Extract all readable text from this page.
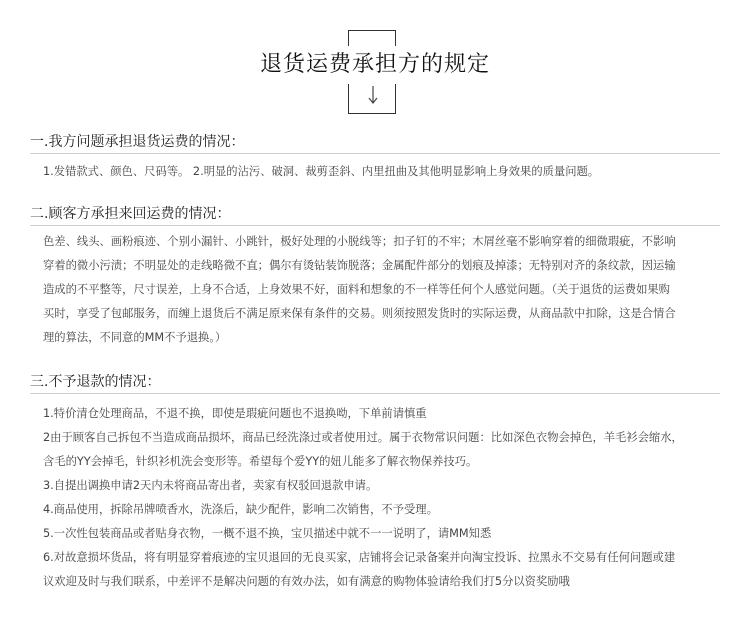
退货运费承担方的规定
一.我方问题承担退货运费的情况：
1.发错款式、颜色、尺码等。 2.明显的沾污、破洞、裁剪歪斜、内里扭曲及其他明显影响上身效果的质量问题。
二.顾客方承担来回运费的情况：
色差、线头、画粉痕迹、个别小漏针、小跳针，极好处理的小脱线等；扣子钉的不牢；木屑丝毫不影响穿着的细微瑕疵，不影响
穿着的微小污渍；不明显处的走线略微不直；偶尔有烫钻装饰脱落；金属配件部分的划痕及掉漆；无特别对齐的条纹款，因运输
造成的不平整等，尺寸误差，上身不合适，上身效果不好，面料和想象的不一样等任何个人感觉问题。（关于退货的运费如果购
买时，享受了包邮服务，而缠上退货后不满足原来保有条件的交易。则须按照发货时的实际运费，从商品款中扣除，这是合情合
理的算法，不同意的MM不予退换。）
三.不予退款的情况：
1.特价清仓处理商品，不退不换，即使是瑕疵问题也不退换呦，下单前请慎重
2由于顾客自己拆包不当造成商品损坏，商品已经洗涤过或者使用过。属于衣物常识问题：比如深色衣物会掉色，羊毛衫会缩水，
含毛的YY会掉毛，针织衫机洗会变形等。希望每个爱YY的妞儿能多了解衣物保养技巧。
3.自提出调换申请2天内未将商品寄出者，卖家有权驳回退款申请。
4.商品使用，拆除吊牌喷香水，洗涤后，缺少配件，影响二次销售，不予受理。
5.一次性包装商品或者贴身衣物，一概不退不换，宝贝描述中就不一一说明了，请MM知悉
6.对故意损坏货品，将有明显穿着痕迹的宝贝退回的无良买家，店铺将会记录备案并向淘宝投诉、拉黑永不交易有任何问题或建
议欢迎及时与我们联系，中差评不是解决问题的有效办法，如有满意的购物体验请给我们打5分以资奖励哦
